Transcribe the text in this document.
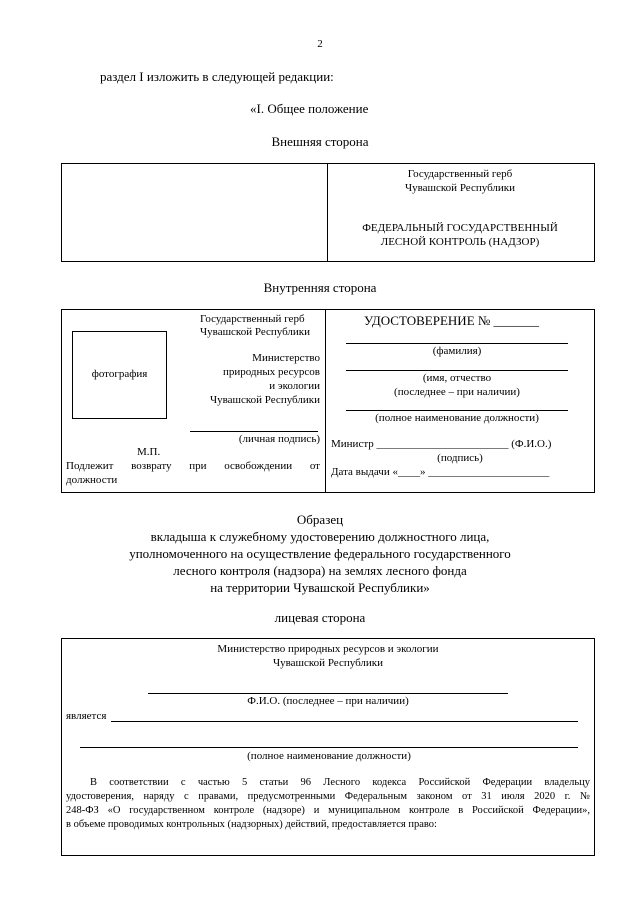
2
раздел I изложить в следующей редакции:
«I. Общее положение
Внешняя сторона
Государственный герб
Чувашской Республики
ФЕДЕРАЛЬНЫЙ ГОСУДАРСТВЕННЫЙ
ЛЕСНОЙ КОНТРОЛЬ (НАДЗОР)
Внутренняя сторона
Государственный герб
Чувашской Республики
фотография
Министерство
природных ресурсов
и экологии
Чувашской Республики
(личная подпись)
М.П.
Подлежит возврату при освобождении от
должности
УДОСТОВЕРЕНИЕ № _______
(фамилия)
(имя, отчество
(последнее – при наличии)
(полное наименование должности)
Министр ________________________ (Ф.И.О.)
(подпись)
Дата выдачи «____» ______________________
Образец
вкладыша к служебному удостоверению должностного лица,
уполномоченного на осуществление федерального государственного
лесного контроля (надзора) на землях лесного фонда
на территории Чувашской Республики»
лицевая сторона
Министерство природных ресурсов и экологии
Чувашской Республики
Ф.И.О. (последнее – при наличии)
является
(полное наименование должности)
В соответствии с частью 5 статьи 96 Лесного кодекса Российской Федерации владельцу
удостоверения, наряду с правами, предусмотренными Федеральным законом от 31 июля 2020 г. №
248-ФЗ «О государственном контроле (надзоре) и муниципальном контроле в Российской Федерации»,
в объеме проводимых контрольных (надзорных) действий, предоставляется право:
